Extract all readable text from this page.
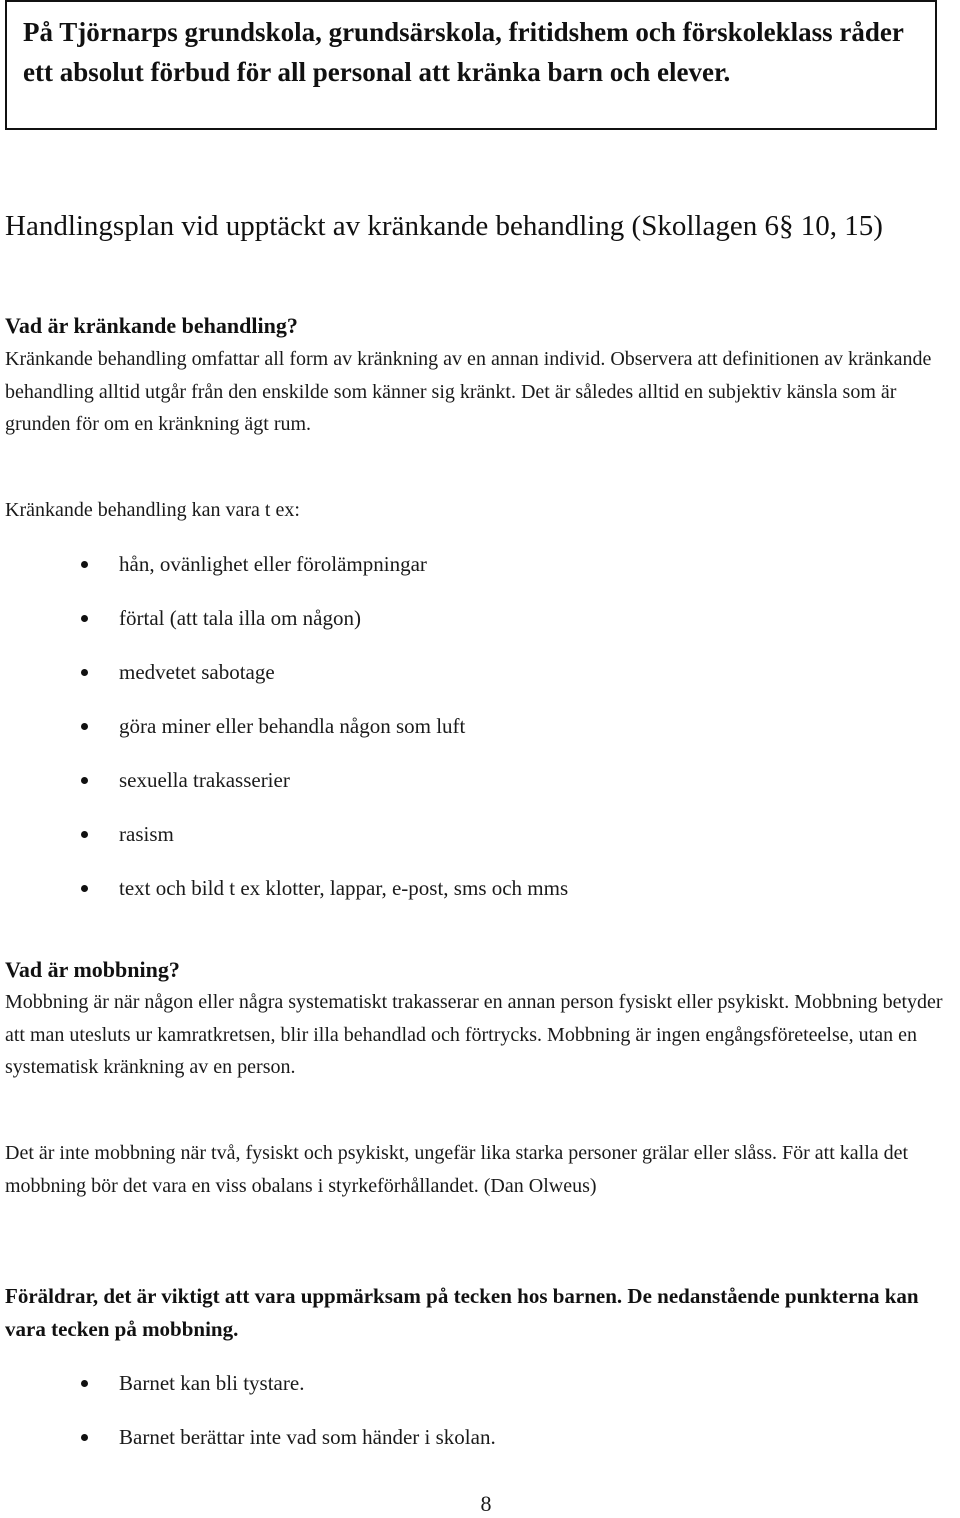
På Tjörnarps grundskola, grundsärskola, fritidshem och förskoleklass råder ett absolut förbud för all personal att kränka barn och elever.

Handlingsplan vid upptäckt av kränkande behandling (Skollagen 6§ 10, 15)
Vad är kränkande behandling?

Kränkande behandling omfattar all form av kränkning av en annan individ. Observera att definitionen av kränkande behandling alltid utgår från den enskilde som känner sig kränkt. Det är således alltid en subjektiv känsla som är grunden för om en kränkning ägt rum.

Kränkande behandling kan vara t ex:

hån, ovänlighet eller förolämpningar
förtal (att tala illa om någon)
medvetet sabotage
göra miner eller behandla någon som luft
sexuella trakasserier
rasism
text och bild t ex klotter, lappar, e-post, sms och mms
Vad är mobbning?

Mobbning är när någon eller några systematiskt trakasserar en annan person fysiskt eller psykiskt. Mobbning betyder att man utesluts ur kamratkretsen, blir illa behandlad och förtrycks. Mobbning är ingen engångsföreteelse, utan en systematisk kränkning av en person.

Det är inte mobbning när två, fysiskt och psykiskt, ungefär lika starka personer grälar eller slåss. För att kalla det mobbning bör det vara en viss obalans i styrkeförhållandet. (Dan Olweus)

Föräldrar, det är viktigt att vara uppmärksam på tecken hos barnen. De nedanstående punkterna kan vara tecken på mobbning.

Barnet kan bli tystare.
Barnet berättar inte vad som händer i skolan.
8
